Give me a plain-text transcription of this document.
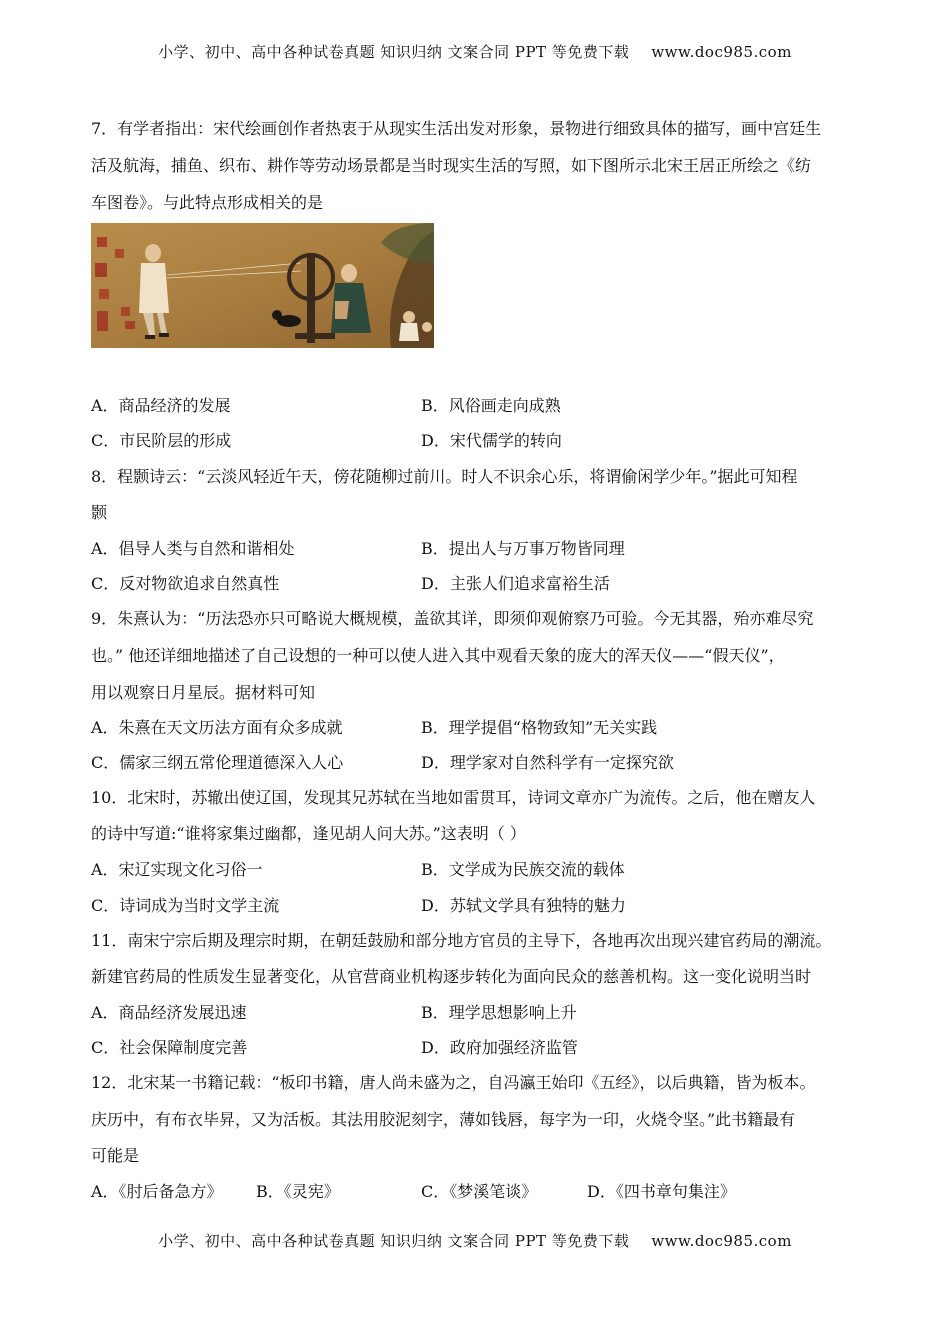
小学、初中、高中各种试卷真题 知识归纳 文案合同 PPT 等免费下载 www.doc985.com
7．有学者指出：宋代绘画创作者热衷于从现实生活出发对形象，景物进行细致具体的描写，画中宫廷生
活及航海，捕鱼、织布、耕作等劳动场景都是当时现实生活的写照，如下图所示北宋王居正所绘之《纺
车图卷》。与此特点形成相关的是
A．商品经济的发展	B．风俗画走向成熟
C．市民阶层的形成	D．宋代儒学的转向
8．程颢诗云：“云淡风轻近午天，傍花随柳过前川。时人不识余心乐，将谓偷闲学少年。”据此可知程
颢
A．倡导人类与自然和谐相处	B．提出人与万事万物皆同理
C．反对物欲追求自然真性	D．主张人们追求富裕生活
9．朱熹认为：“历法恐亦只可略说大概规模，盖欲其详，即须仰观俯察乃可验。今无其器，殆亦难尽究
也。” 他还详细地描述了自己设想的一种可以使人进入其中观看天象的庞大的浑天仪——“假天仪”，
用以观察日月星辰。据材料可知
A．朱熹在天文历法方面有众多成就	B．理学提倡“格物致知”无关实践
C．儒家三纲五常伦理道德深入人心	D．理学家对自然科学有一定探究欲
10．北宋时，苏辙出使辽国，发现其兄苏轼在当地如雷贯耳，诗词文章亦广为流传。之后，他在赠友人
的诗中写道:“谁将家集过幽都，逢见胡人问大苏。”这表明（ ）
A．宋辽实现文化习俗一	B．文学成为民族交流的载体
C．诗词成为当时文学主流	D．苏轼文学具有独特的魅力
11．南宋宁宗后期及理宗时期，在朝廷鼓励和部分地方官员的主导下，各地再次出现兴建官药局的潮流。
新建官药局的性质发生显著变化，从官营商业机构逐步转化为面向民众的慈善机构。这一变化说明当时
A．商品经济发展迅速	B．理学思想影响上升
C．社会保障制度完善	D．政府加强经济监管
12．北宋某一书籍记载：“板印书籍，唐人尚未盛为之，自冯瀛王始印《五经》，以后典籍，皆为板本。
庆历中，有布衣毕昇，又为活板。其法用胶泥刻字，薄如钱唇，每字为一印，火烧令坚。”此书籍最有
可能是
A．《肘后备急方》 B．《灵宪》	C．《梦溪笔谈》	D．《四书章句集注》
小学、初中、高中各种试卷真题 知识归纳 文案合同 PPT 等免费下载 www.doc985.com
